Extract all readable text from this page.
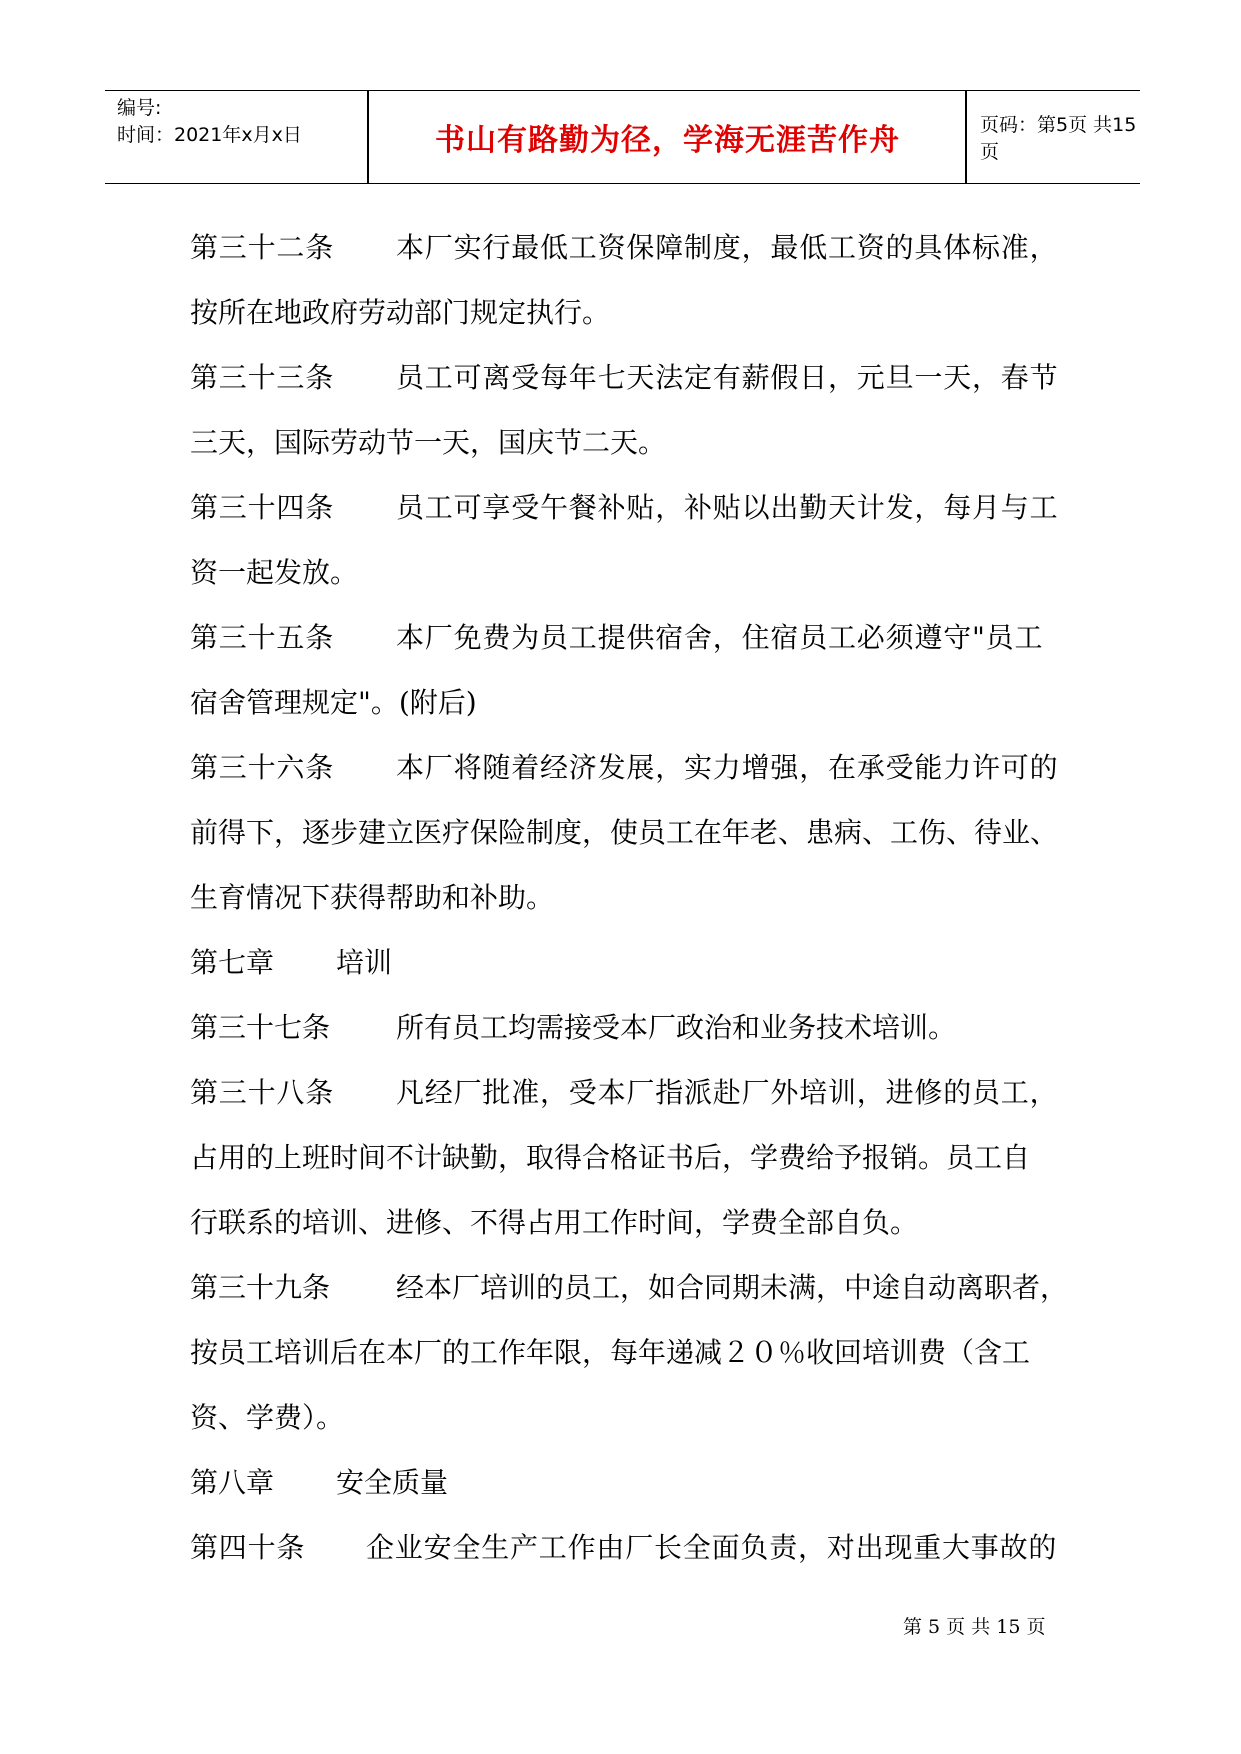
编号:
时间：2021年x月x日	书山有路勤为径，学海无涯苦作舟	页码：第5页 共15页
第三十二条 本厂实行最低工资保障制度，最低工资的具体标准，
按所在地政府劳动部门规定执行。
第三十三条 员工可离受每年七天法定有薪假日，元旦一天，春节
三天，国际劳动节一天，国庆节二天。
第三十四条 员工可享受午餐补贴，补贴以出勤天计发，每月与工
资一起发放。
第三十五条 本厂免费为员工提供宿舍，住宿员工必须遵守"员工
宿舍管理规定"。(附后)
第三十六条 本厂将随着经济发展，实力增强，在承受能力许可的
前得下，逐步建立医疗保险制度，使员工在年老、患病、工伤、待业、
生育情况下获得帮助和补助。
第七章 培训
第三十七条 所有员工均需接受本厂政治和业务技术培训。
第三十八条 凡经厂批准，受本厂指派赴厂外培训，进修的员工，
占用的上班时间不计缺勤，取得合格证书后，学费给予报销。员工自
行联系的培训、进修、不得占用工作时间，学费全部自负。
第三十九条 经本厂培训的员工，如合同期未满，中途自动离职者，
按员工培训后在本厂的工作年限，每年递减２０％收回培训费（含工
资、学费）。
第八章 安全质量
第四十条 企业安全生产工作由厂长全面负责，对出现重大事故的
第 5 页 共 15 页
